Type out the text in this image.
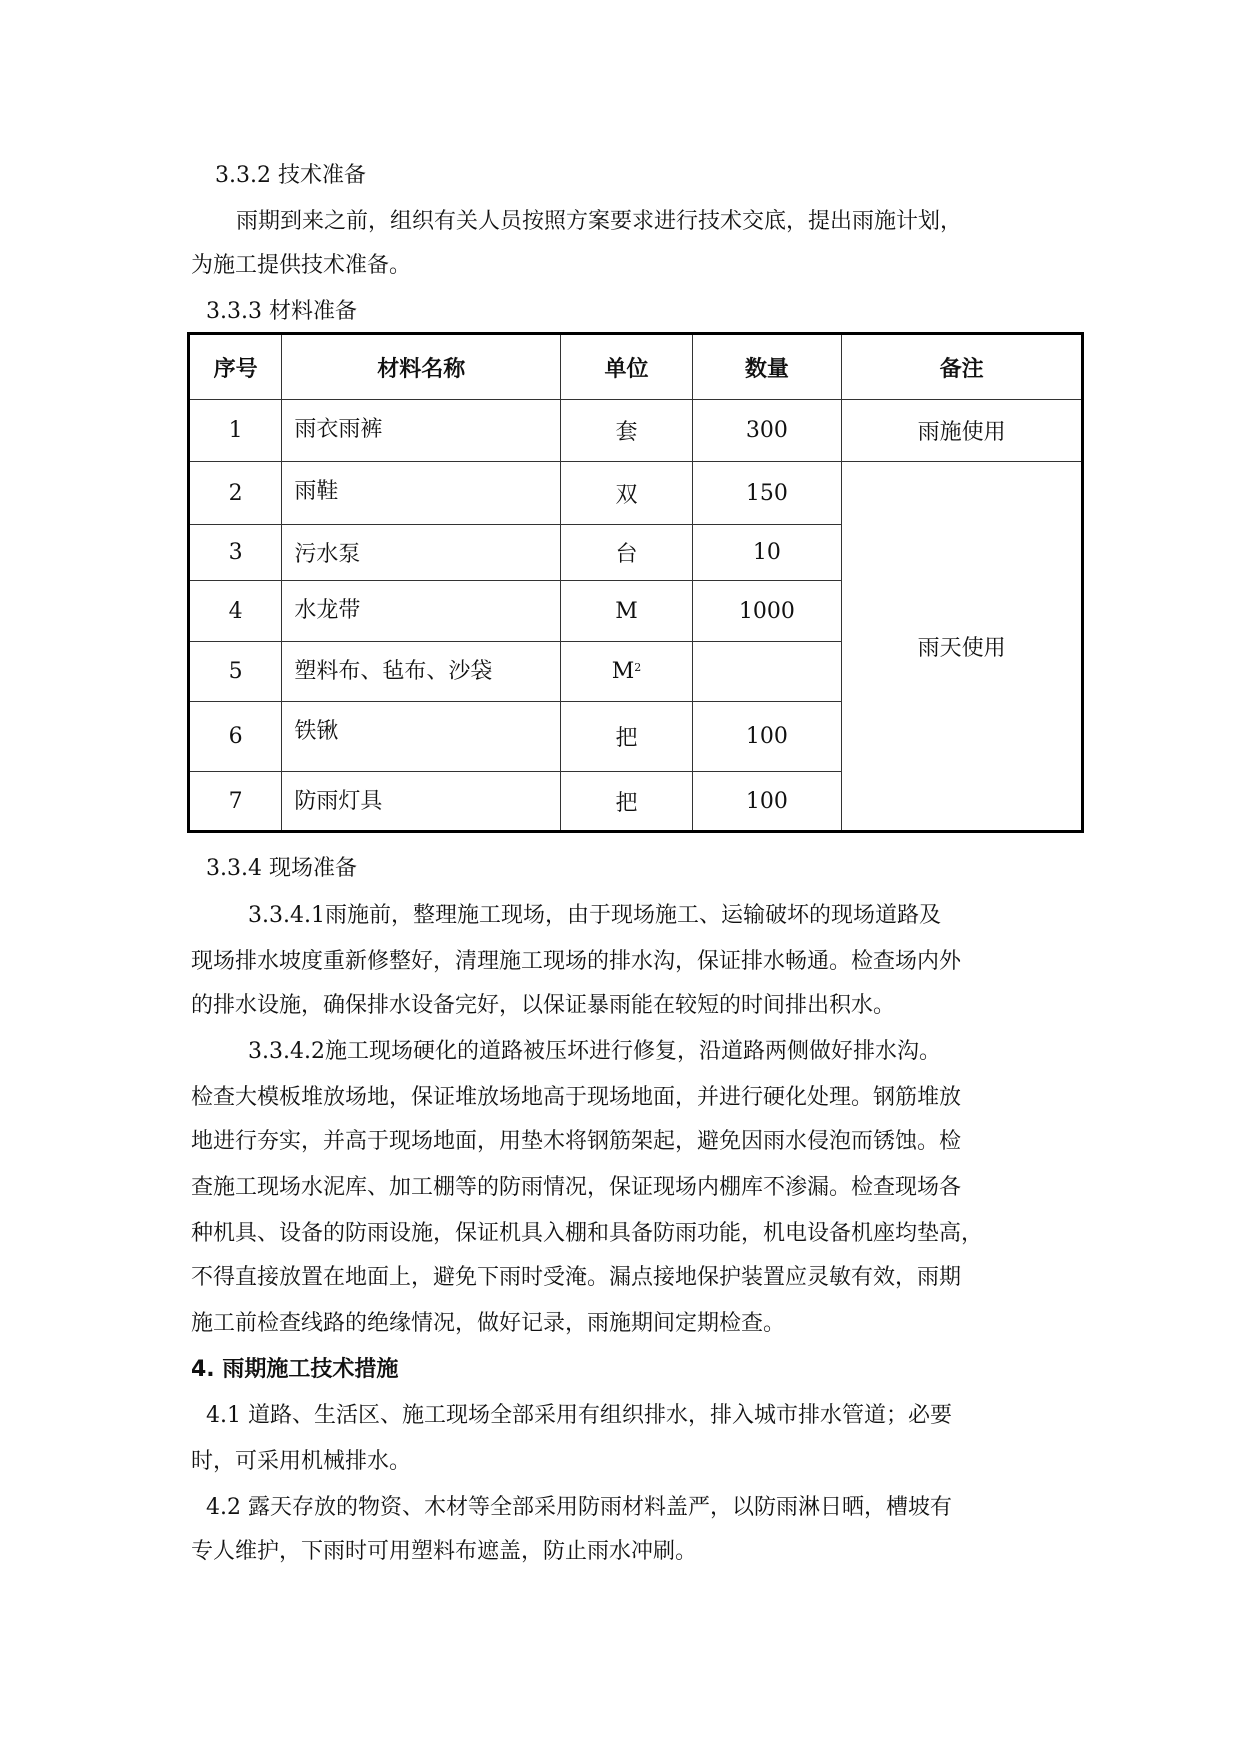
3.3.2 技术准备
雨期到来之前，组织有关人员按照方案要求进行技术交底，提出雨施计划，
为施工提供技术准备。
3.3.3 材料准备
序号	材料名称	单位	数量	备注
1	雨衣雨裤	套	300	雨施使用
2	雨鞋	双	150	雨天使用
3	污水泵	台	10	
4	水龙带	M	1000	
5	塑料布、毡布、沙袋	$M^2$	
6	铁锹	把	100	
7	防雨灯具	把	100	
3.3.4 现场准备
3.3.4.1雨施前，整理施工现场，由于现场施工、运输破坏的现场道路及
现场排水坡度重新修整好，清理施工现场的排水沟，保证排水畅通。检查场内外
的排水设施，确保排水设备完好，以保证暴雨能在较短的时间排出积水。
3.3.4.2施工现场硬化的道路被压坏进行修复，沿道路两侧做好排水沟。
检查大模板堆放场地，保证堆放场地高于现场地面，并进行硬化处理。钢筋堆放
地进行夯实，并高于现场地面，用垫木将钢筋架起，避免因雨水侵泡而锈蚀。检
查施工现场水泥库、加工棚等的防雨情况，保证现场内棚库不渗漏。检查现场各
种机具、设备的防雨设施，保证机具入棚和具备防雨功能，机电设备机座均垫高，
不得直接放置在地面上，避免下雨时受淹。漏点接地保护装置应灵敏有效，雨期
施工前检查线路的绝缘情况，做好记录，雨施期间定期检查。
4. 雨期施工技术措施
4.1 道路、生活区、施工现场全部采用有组织排水，排入城市排水管道；必要
时，可采用机械排水。
4.2 露天存放的物资、木材等全部采用防雨材料盖严，以防雨淋日晒，槽坡有
专人维护，下雨时可用塑料布遮盖，防止雨水冲刷。
